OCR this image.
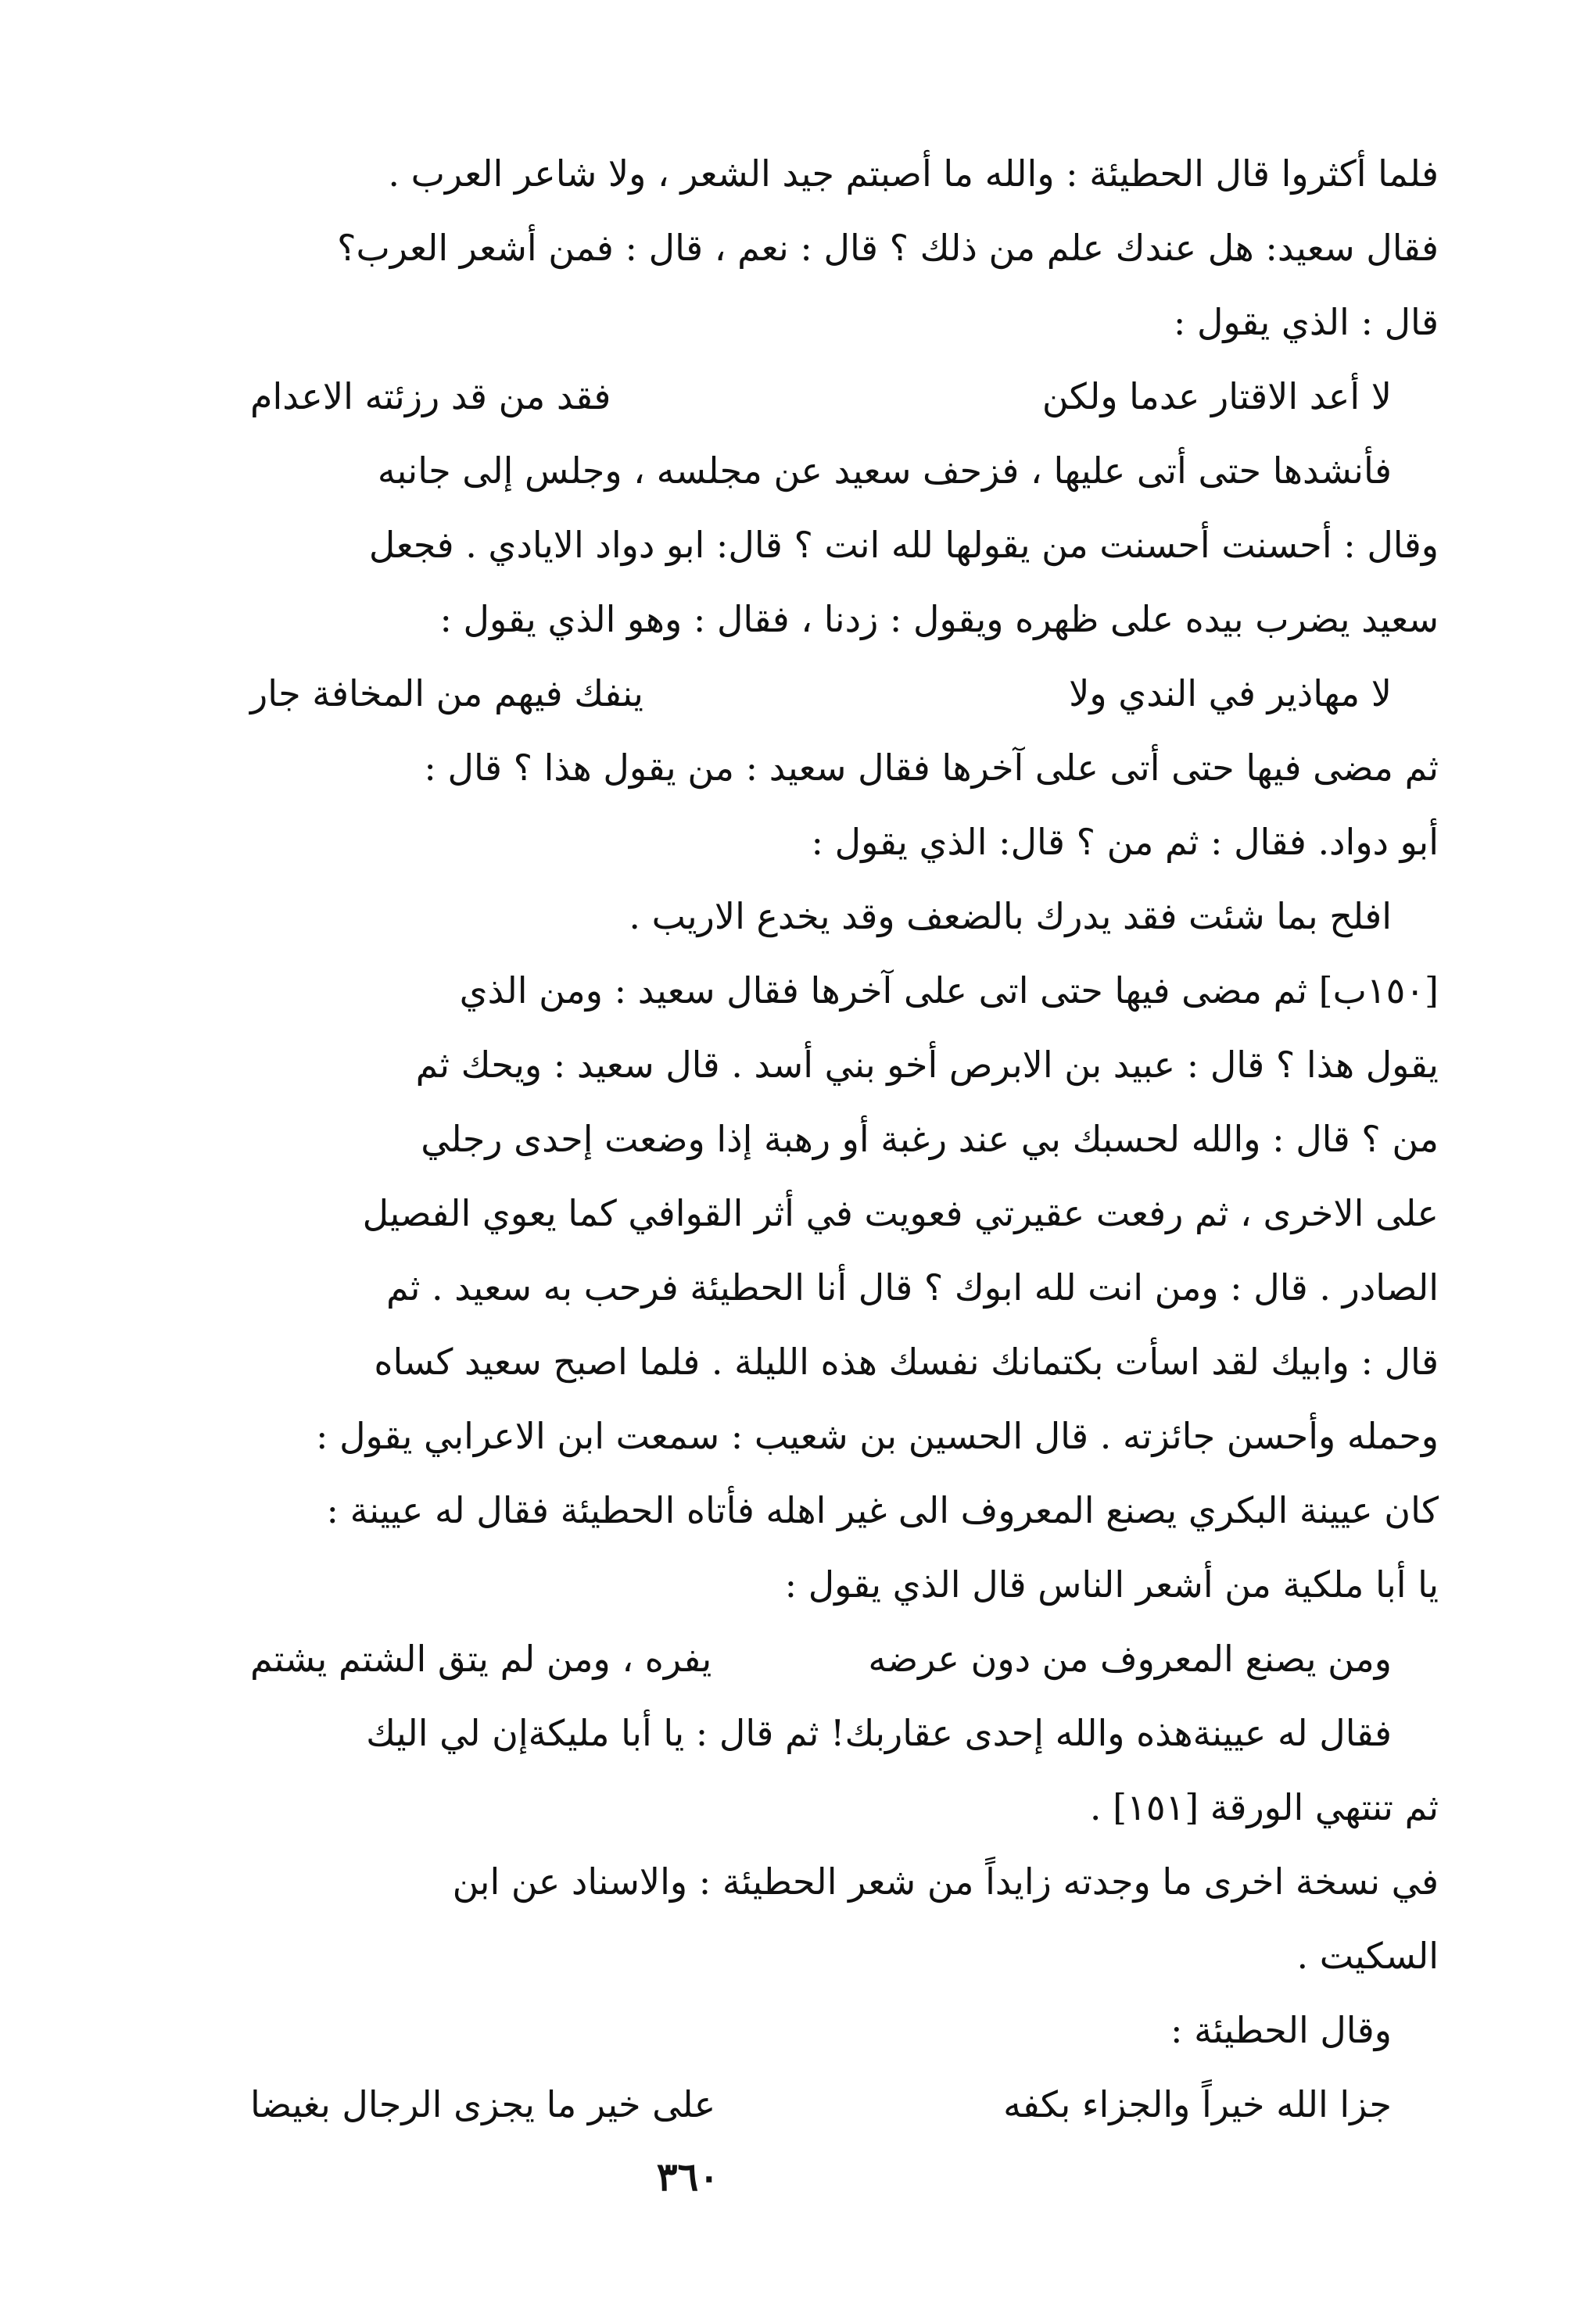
فلما أكثروا قال الحطيئة : والله ما أصبتم جيد الشعر ، ولا شاعر العرب .
فقال سعيد: هل عندك علم من ذلك ؟ قال : نعم ، قال : فمن أشعر العرب؟
قال : الذي يقول :
لا أعد الاقتار عدما ولكن
فقد من قد رزئته الاعدام
فأنشدها حتى أتى عليها ، فزحف سعيد عن مجلسه ، وجلس إلى جانبه
وقال : أحسنت أحسنت من يقولها لله انت ؟ قال: ابو دواد الايادي . فجعل
سعيد يضرب بيده على ظهره ويقول : زدنا ، فقال : وهو الذي يقول :
لا مهاذير في الندي ولا
ينفك فيهم من المخافة جار
ثم مضى فيها حتى أتى على آخرها فقال سعيد : من يقول هذا ؟ قال :
أبو دواد. فقال : ثم من ؟ قال: الذي يقول :
افلح بما شئت فقد يدرك بالضعف وقد يخدع الاريب .
[١٥٠ب] ثم مضى فيها حتى اتى على آخرها فقال سعيد : ومن الذي
يقول هذا ؟ قال : عبيد بن الابرص أخو بني أسد . قال سعيد : ويحك ثم
من ؟ قال : والله لحسبك بي عند رغبة أو رهبة إذا وضعت إحدى رجلي
على الاخرى ، ثم رفعت عقيرتي فعويت في أثر القوافي كما يعوي الفصيل
الصادر . قال : ومن انت لله ابوك ؟ قال أنا الحطيئة فرحب به سعيد . ثم
قال : وابيك لقد اسأت بكتمانك نفسك هذه الليلة . فلما اصبح سعيد كساه
وحمله وأحسن جائزته . قال الحسين بن شعيب : سمعت ابن الاعرابي يقول :
كان عيينة البكري يصنع المعروف الى غير اهله فأتاه الحطيئة فقال له عيينة :
يا أبا ملكية من أشعر الناس قال الذي يقول :
ومن يصنع المعروف من دون عرضه
يفره ، ومن لم يتق الشتم يشتم
فقال له عيينةهذه والله إحدى عقاربك! ثم قال : يا أبا مليكةإن لي اليك
ثم تنتهي الورقة [١٥١] .
في نسخة اخرى ما وجدته زايداً من شعر الحطيئة : والاسناد عن ابن
السكيت .
وقال الحطيئة :
جزا الله خيراً والجزاء بكفه
على خير ما يجزى الرجال بغيضا
٣٦٠
